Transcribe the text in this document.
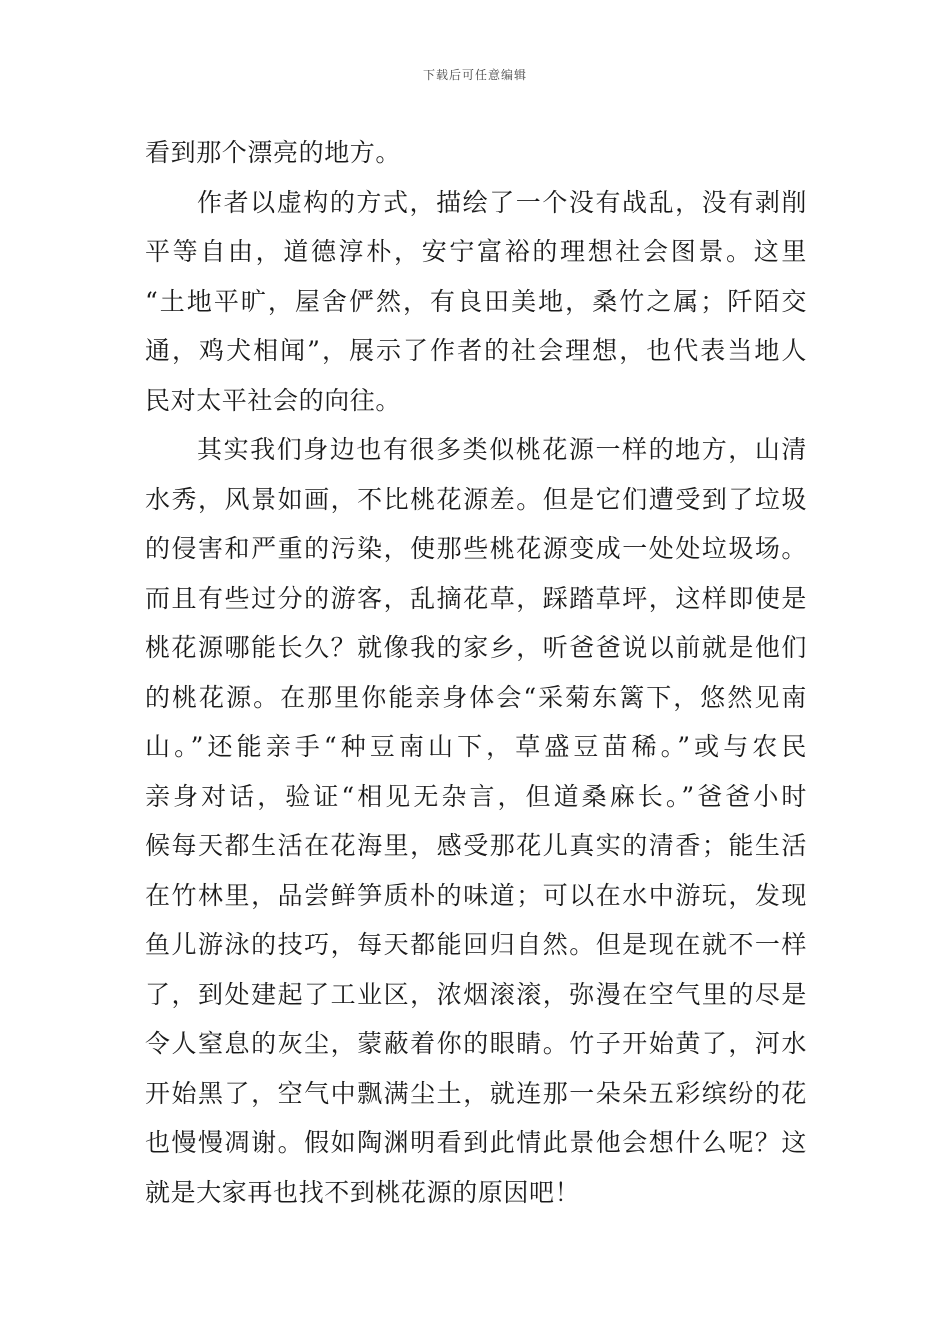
下载后可任意编辑
看到那个漂亮的地方。
作者以虚构的方式，描绘了一个没有战乱，没有剥削
平等自由，道德淳朴，安宁富裕的理想社会图景。这里
“土地平旷，屋舍俨然，有良田美地，桑竹之属；阡陌交
通，鸡犬相闻”，展示了作者的社会理想，也代表当地人
民对太平社会的向往。
其实我们身边也有很多类似桃花源一样的地方，山清
水秀，风景如画，不比桃花源差。但是它们遭受到了垃圾
的侵害和严重的污染，使那些桃花源变成一处处垃圾场。
而且有些过分的游客，乱摘花草，踩踏草坪，这样即使是
桃花源哪能长久？就像我的家乡，听爸爸说以前就是他们
的桃花源。在那里你能亲身体会“采菊东篱下，悠然见南
山。”还能亲手“种豆南山下，草盛豆苗稀。”或与农民
亲身对话，验证“相见无杂言，但道桑麻长。”爸爸小时
候每天都生活在花海里，感受那花儿真实的清香；能生活
在竹林里，品尝鲜笋质朴的味道；可以在水中游玩，发现
鱼儿游泳的技巧，每天都能回归自然。但是现在就不一样
了，到处建起了工业区，浓烟滚滚，弥漫在空气里的尽是
令人窒息的灰尘，蒙蔽着你的眼睛。竹子开始黄了，河水
开始黑了，空气中飘满尘土，就连那一朵朵五彩缤纷的花
也慢慢凋谢。假如陶渊明看到此情此景他会想什么呢？这
就是大家再也找不到桃花源的原因吧！
